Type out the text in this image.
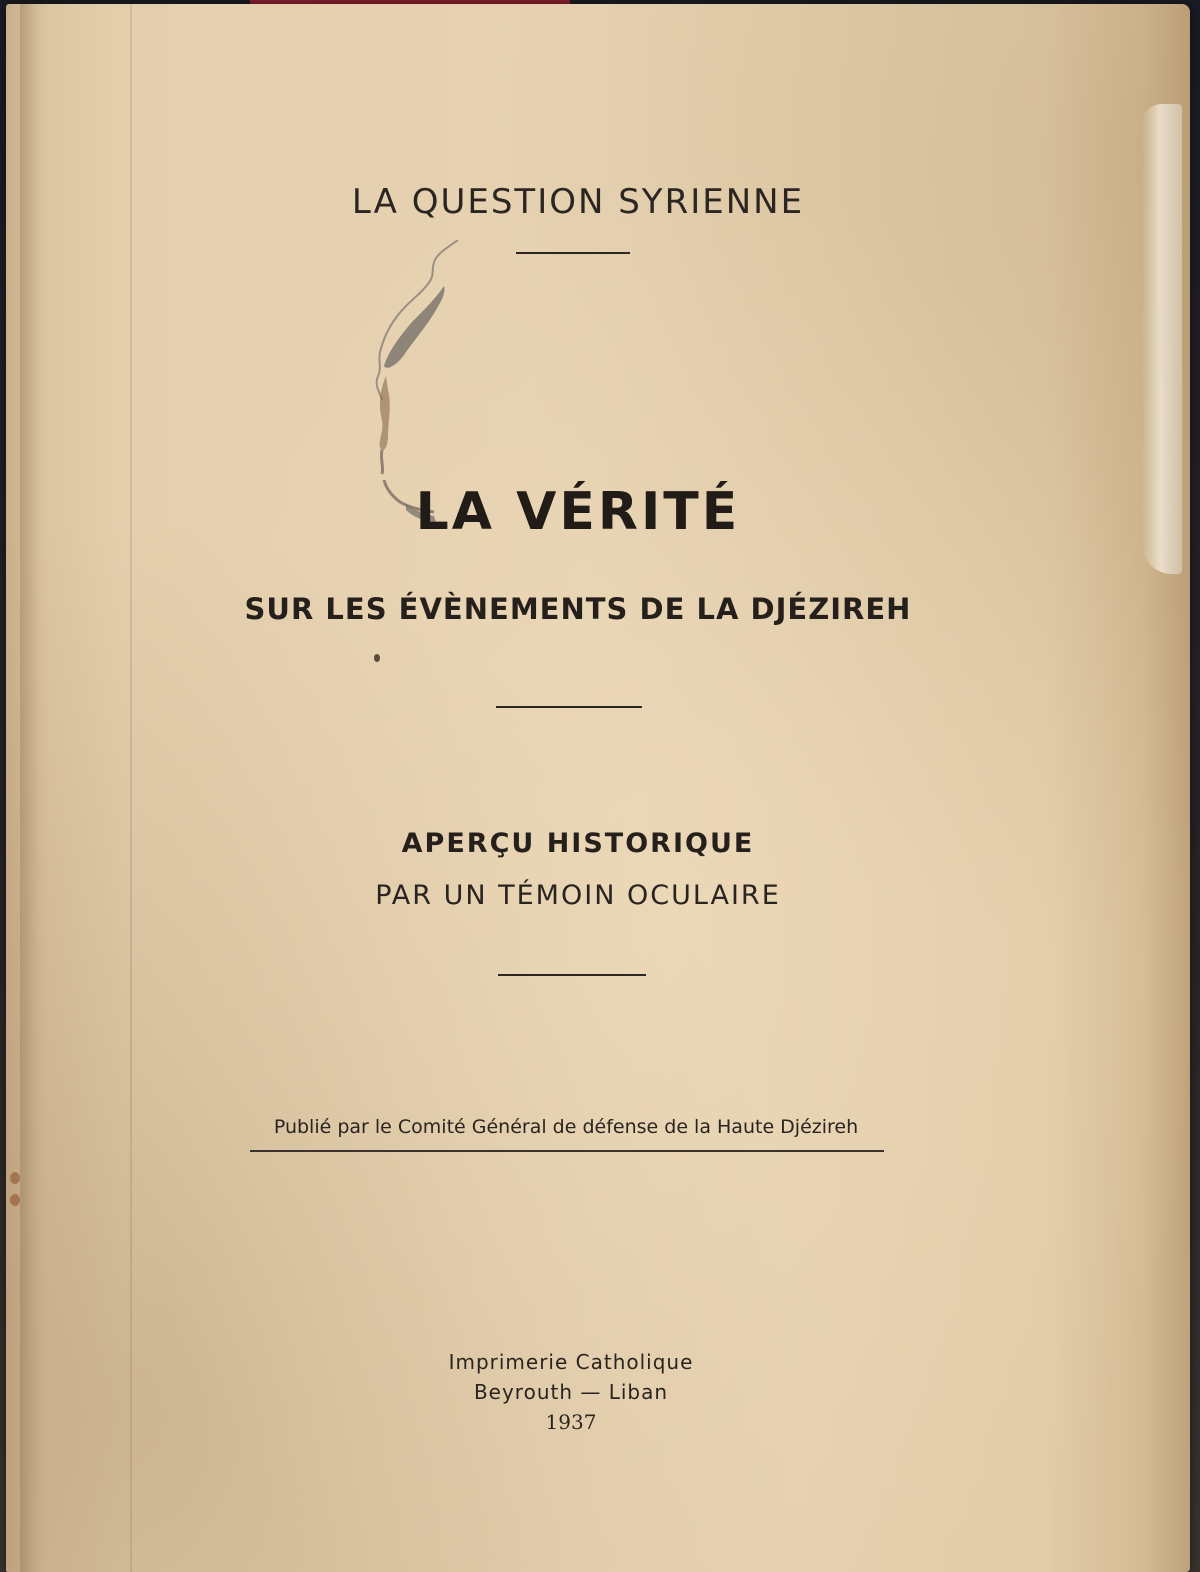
LA QUESTION SYRIENNE

LA VÉRITÉ

SUR LES ÉVÈNEMENTS DE LA DJÉZIREH

APERÇU HISTORIQUE

PAR UN TÉMOIN OCULAIRE

Publié par le Comité Général de défense de la Haute Djézireh
Imprimerie Catholique
Beyrouth — Liban
1937
